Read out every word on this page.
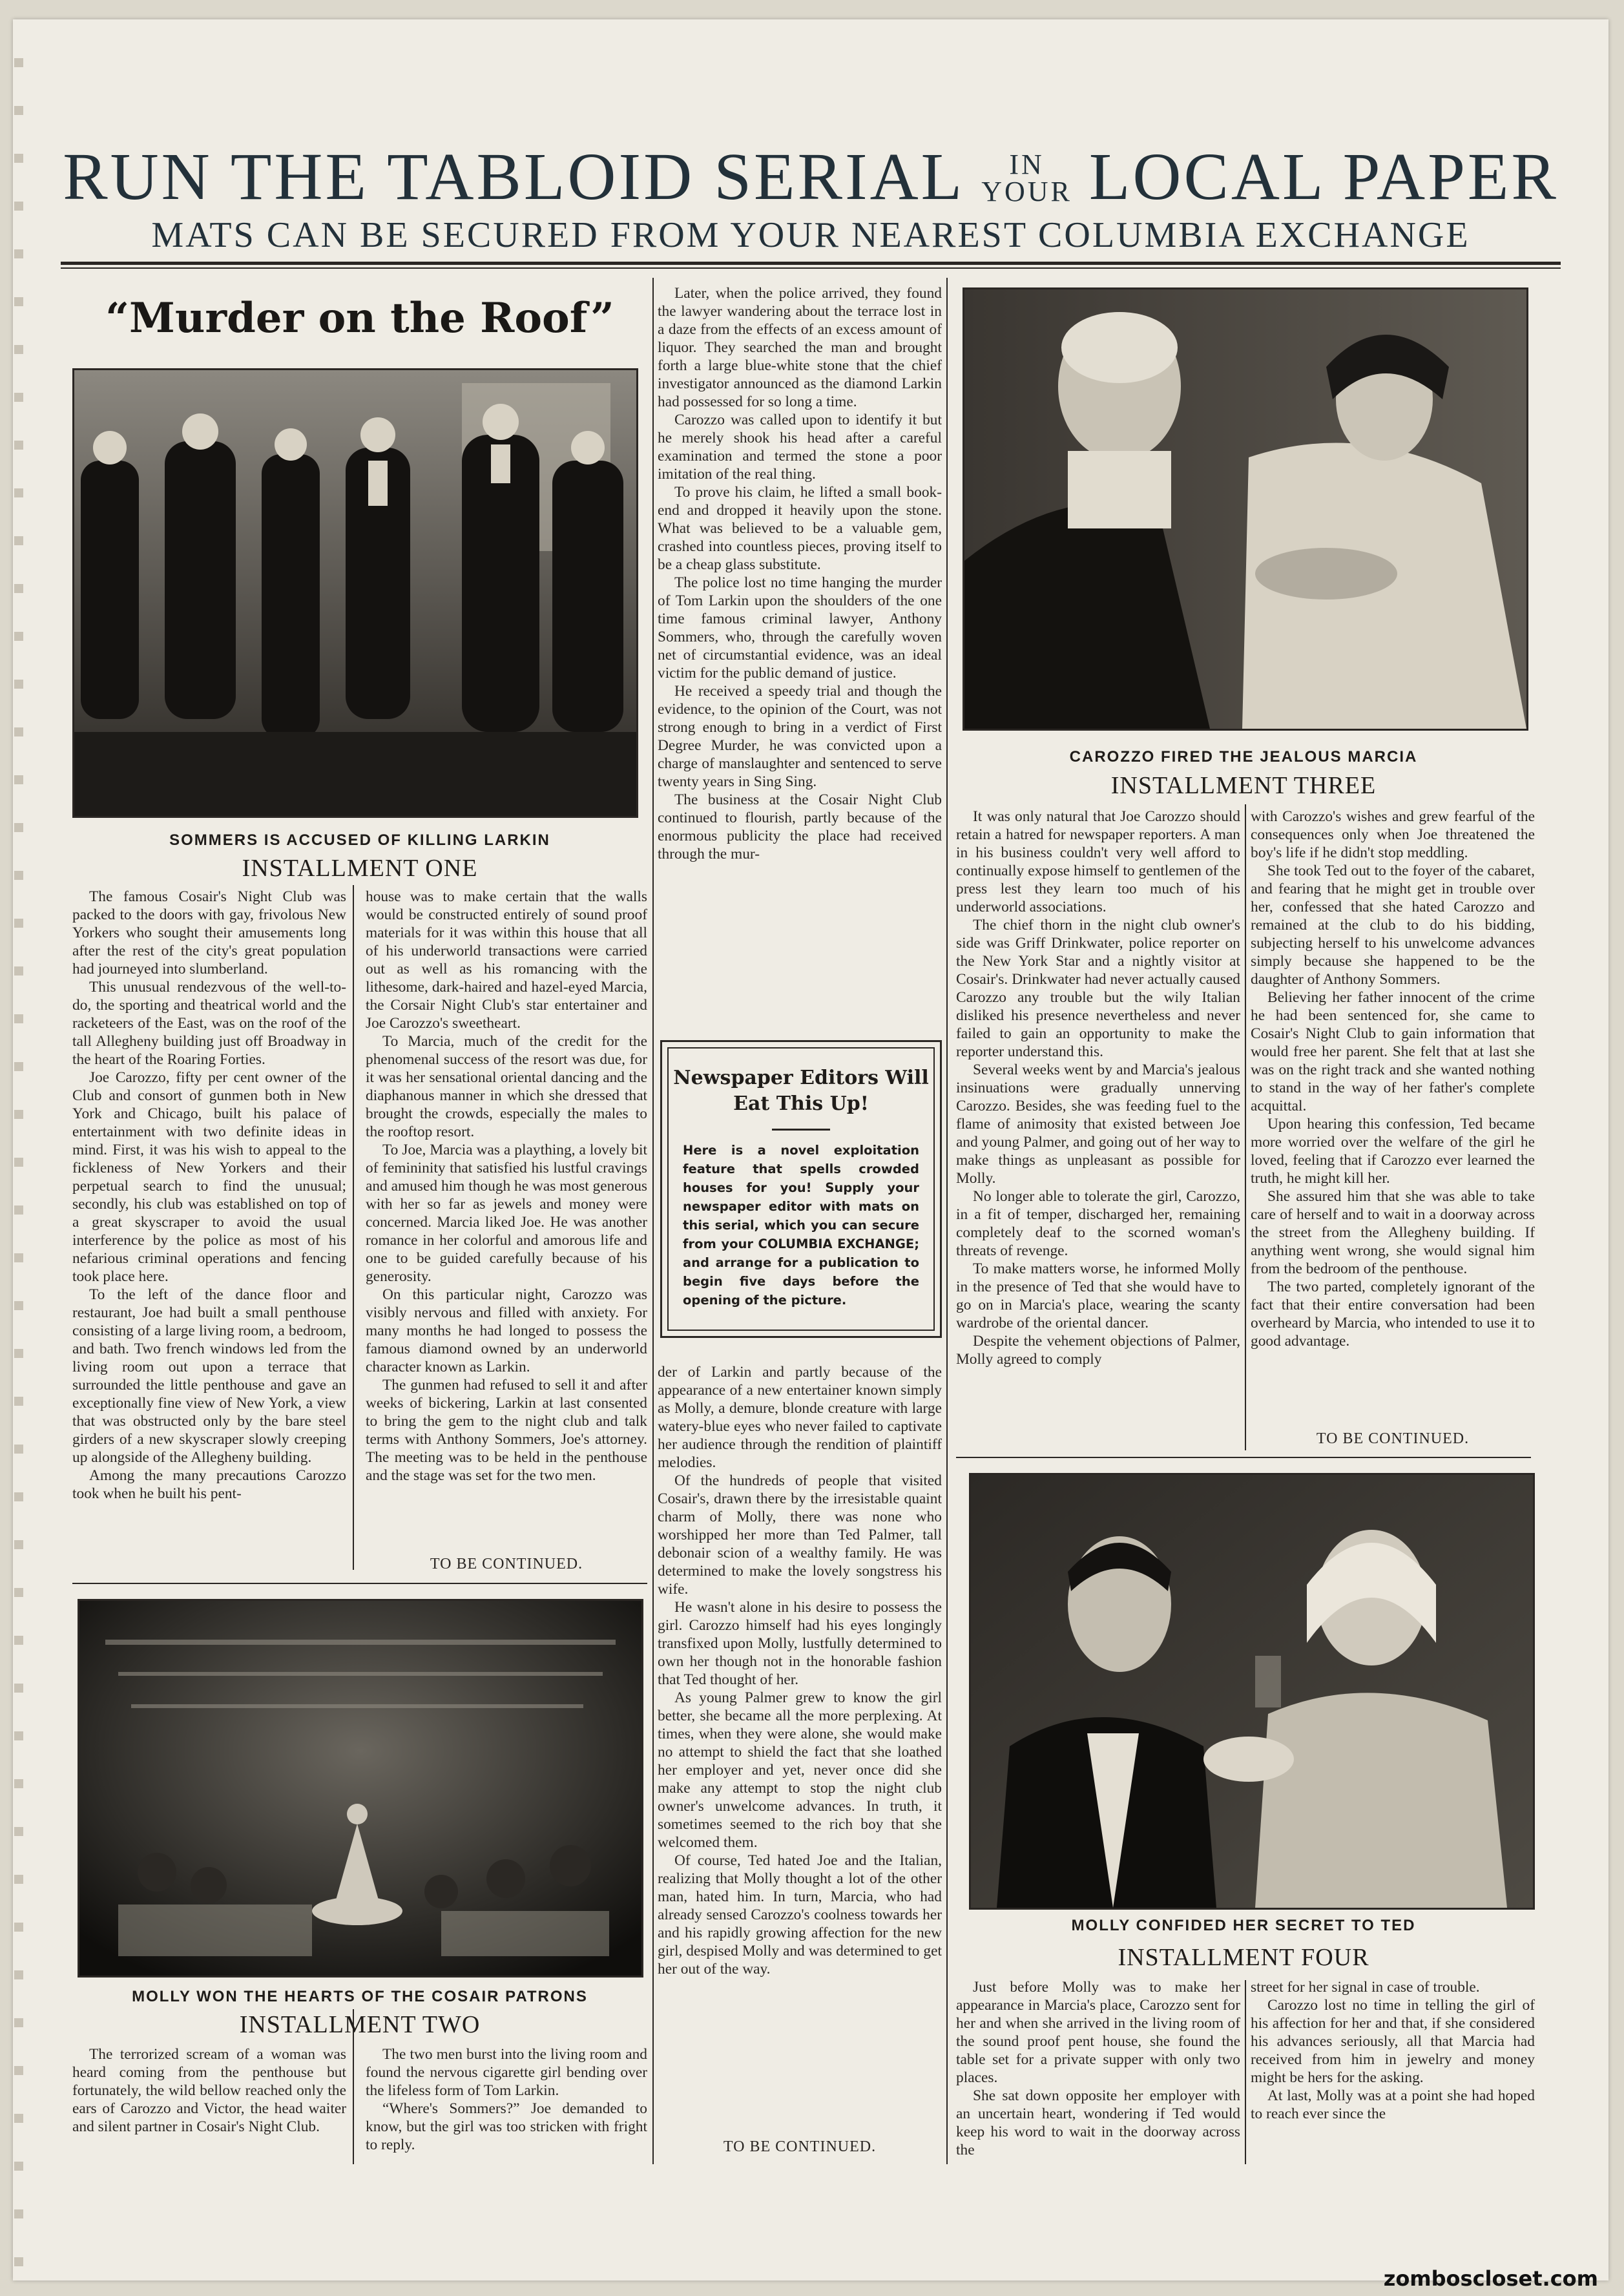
RUN THE TABLOID SERIAL IN
YOUR LOCAL PAPER
MATS CAN BE SECURED FROM YOUR NEAREST COLUMBIA EXCHANGE
“Murder on the Roof”
SOMMERS IS ACCUSED OF KILLING LARKIN
INSTALLMENT ONE

The famous Cosair's Night Club was packed to the doors with gay, frivolous New Yorkers who sought their amusements long after the rest of the city's great population had journeyed into slumberland.

This unusual rendezvous of the well-to-do, the sporting and theatrical world and the racketeers of the East, was on the roof of the tall Allegheny building just off Broadway in the heart of the Roaring Forties.

Joe Carozzo, fifty per cent owner of the Club and consort of gunmen both in New York and Chicago, built his palace of entertainment with two definite ideas in mind. First, it was his wish to appeal to the fickleness of New Yorkers and their perpetual search to find the unusual; secondly, his club was established on top of a great skyscraper to avoid the usual interference by the police as most of his nefarious criminal operations and fencing took place here.

To the left of the dance floor and restaurant, Joe had built a small penthouse consisting of a large living room, a bedroom, and bath. Two french windows led from the living room out upon a terrace that surrounded the little penthouse and gave an exceptionally fine view of New York, a view that was obstructed only by the bare steel girders of a new skyscraper slowly creeping up alongside of the Allegheny building.

Among the many precautions Carozzo took when he built his pent-

house was to make certain that the walls would be constructed entirely of sound proof materials for it was within this house that all of his underworld transactions were carried out as well as his romancing with the lithesome, dark-haired and hazel-eyed Marcia, the Corsair Night Club's star entertainer and Joe Carozzo's sweetheart.

To Marcia, much of the credit for the phenomenal success of the resort was due, for it was her sensational oriental dancing and the diaphanous manner in which she dressed that brought the crowds, especially the males to the rooftop resort.

To Joe, Marcia was a plaything, a lovely bit of femininity that satisfied his lustful cravings and amused him though he was most generous with her so far as jewels and money were concerned. Marcia liked Joe. He was another romance in her colorful and amorous life and one to be guided carefully because of his generosity.

On this particular night, Carozzo was visibly nervous and filled with anxiety. For many months he had longed to possess the famous diamond owned by an underworld character known as Larkin.

The gunmen had refused to sell it and after weeks of bickering, Larkin at last consented to bring the gem to the night club and talk terms with Anthony Sommers, Joe's attorney. The meeting was to be held in the penthouse and the stage was set for the two men.

TO BE CONTINUED.
MOLLY WON THE HEARTS OF THE COSAIR PATRONS
INSTALLMENT TWO

The terrorized scream of a woman was heard coming from the penthouse but fortunately, the wild bellow reached only the ears of Carozzo and Victor, the head waiter and silent partner in Cosair's Night Club.

The two men burst into the living room and found the nervous cigarette girl bending over the lifeless form of Tom Larkin.

“Where's Sommers?” Joe demanded to know, but the girl was too stricken with fright to reply.

Later, when the police arrived, they found the lawyer wandering about the terrace lost in a daze from the effects of an excess amount of liquor. They searched the man and brought forth a large blue-white stone that the chief investigator announced as the diamond Larkin had possessed for so long a time.

Carozzo was called upon to identify it but he merely shook his head after a careful examination and termed the stone a poor imitation of the real thing.

To prove his claim, he lifted a small book-end and dropped it heavily upon the stone. What was believed to be a valuable gem, crashed into countless pieces, proving itself to be a cheap glass substitute.

The police lost no time hanging the murder of Tom Larkin upon the shoulders of the one time famous criminal lawyer, Anthony Sommers, who, through the carefully woven net of circumstantial evidence, was an ideal victim for the public demand of justice.

He received a speedy trial and though the evidence, to the opinion of the Court, was not strong enough to bring in a verdict of First Degree Murder, he was convicted upon a charge of manslaughter and sentenced to serve twenty years in Sing Sing.

The business at the Cosair Night Club continued to flourish, partly because of the enormous publicity the place had received through the mur-

Newspaper Editors Will Eat This Up!

Here is a novel exploitation feature that spells crowded houses for you! Supply your newspaper editor with mats on this serial, which you can secure from your COLUMBIA EXCHANGE; and arrange for a publication to begin five days before the opening of the picture.

der of Larkin and partly because of the appearance of a new entertainer known simply as Molly, a demure, blonde creature with large watery-blue eyes who never failed to captivate her audience through the rendition of plaintiff melodies.

Of the hundreds of people that visited Cosair's, drawn there by the irresistable quaint charm of Molly, there was none who worshipped her more than Ted Palmer, tall debonair scion of a wealthy family. He was determined to make the lovely songstress his wife.

He wasn't alone in his desire to possess the girl. Carozzo himself had his eyes longingly transfixed upon Molly, lustfully determined to own her though not in the honorable fashion that Ted thought of her.

As young Palmer grew to know the girl better, she became all the more perplexing. At times, when they were alone, she would make no attempt to shield the fact that she loathed her employer and yet, never once did she make any attempt to stop the night club owner's unwelcome advances. In truth, it sometimes seemed to the rich boy that she welcomed them.

Of course, Ted hated Joe and the Italian, realizing that Molly thought a lot of the other man, hated him. In turn, Marcia, who had already sensed Carozzo's coolness towards her and his rapidly growing affection for the new girl, despised Molly and was determined to get her out of the way.

TO BE CONTINUED.
CAROZZO FIRED THE JEALOUS MARCIA
INSTALLMENT THREE

It was only natural that Joe Carozzo should retain a hatred for newspaper reporters. A man in his business couldn't very well afford to continually expose himself to gentlemen of the press lest they learn too much of his underworld associations.

The chief thorn in the night club owner's side was Griff Drinkwater, police reporter on the New York Star and a nightly visitor at Cosair's. Drinkwater had never actually caused Carozzo any trouble but the wily Italian disliked his presence nevertheless and never failed to gain an opportunity to make the reporter understand this.

Several weeks went by and Marcia's jealous insinuations were gradually unnerving Carozzo. Besides, she was feeding fuel to the flame of animosity that existed between Joe and young Palmer, and going out of her way to make things as unpleasant as possible for Molly.

No longer able to tolerate the girl, Carozzo, in a fit of temper, discharged her, remaining completely deaf to the scorned woman's threats of revenge.

To make matters worse, he informed Molly in the presence of Ted that she would have to go on in Marcia's place, wearing the scanty wardrobe of the oriental dancer.

Despite the vehement objections of Palmer, Molly agreed to comply

with Carozzo's wishes and grew fearful of the consequences only when Joe threatened the boy's life if he didn't stop meddling.

She took Ted out to the foyer of the cabaret, and fearing that he might get in trouble over her, confessed that she hated Carozzo and remained at the club to do his bidding, subjecting herself to his unwelcome advances simply because she happened to be the daughter of Anthony Sommers.

Believing her father innocent of the crime he had been sentenced for, she came to Cosair's Night Club to gain information that would free her parent. She felt that at last she was on the right track and she wanted nothing to stand in the way of her father's complete acquittal.

Upon hearing this confession, Ted became more worried over the welfare of the girl he loved, feeling that if Carozzo ever learned the truth, he might kill her.

She assured him that she was able to take care of herself and to wait in a doorway across the street from the Allegheny building. If anything went wrong, she would signal him from the bedroom of the penthouse.

The two parted, completely ignorant of the fact that their entire conversation had been overheard by Marcia, who intended to use it to good advantage.

TO BE CONTINUED.
MOLLY CONFIDED HER SECRET TO TED
INSTALLMENT FOUR

Just before Molly was to make her appearance in Marcia's place, Carozzo sent for her and when she arrived in the living room of the sound proof pent house, she found the table set for a private supper with only two places.

She sat down opposite her employer with an uncertain heart, wondering if Ted would keep his word to wait in the doorway across the

street for her signal in case of trouble.

Carozzo lost no time in telling the girl of his affection for her and that, if she considered his advances seriously, all that Marcia had received from him in jewelry and money might be hers for the asking.

At last, Molly was at a point she had hoped to reach ever since the

zomboscloset.com
